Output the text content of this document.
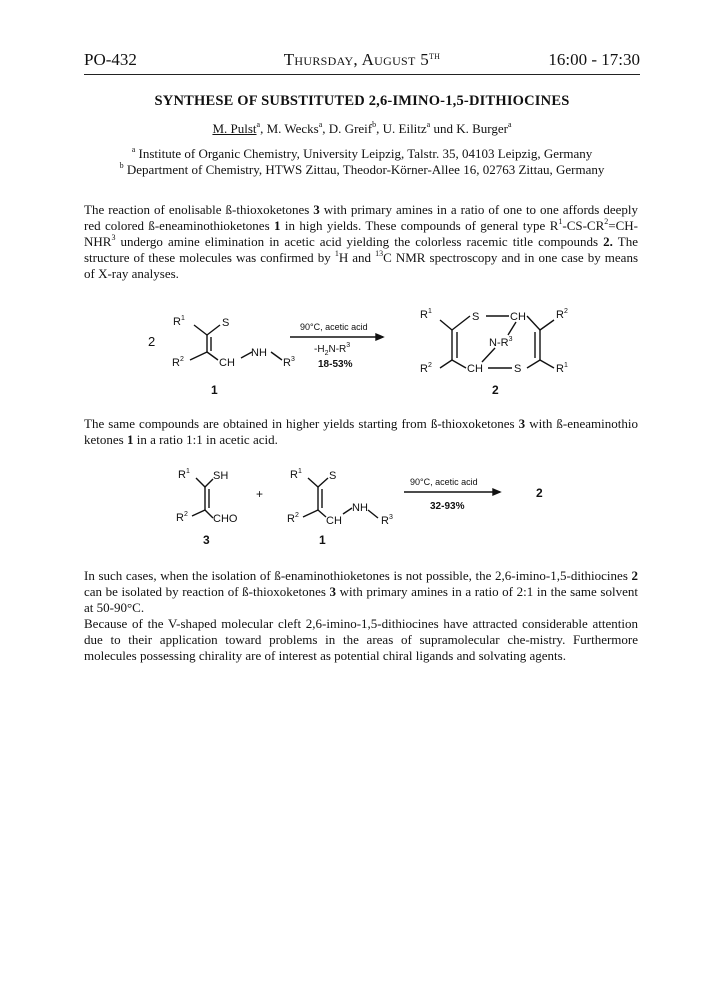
PO-432	Thursday, August 5TH	16:00 - 17:30
SYNTHESE OF SUBSTITUTED 2,6-IMINO-1,5-DITHIOCINES
M. Pulst$^a$, M. Wecks$^a$, D. Greif$^b$, U. Eilitz$^a$ und K. Burger$^a$
$^a$ Institute of Organic Chemistry, University Leipzig, Talstr. 35, 04103 Leipzig, Germany
$^b$ Department of Chemistry, HTWS Zittau, Theodor-Körner-Allee 16, 02763 Zittau, Germany
The reaction of enolisable ß-thioxoketones 3 with primary amines in a ratio of one to one affords deeply red colored ß-eneaminothioketones 1 in high yields. These compounds of general type $R^1-CS-CR^2=CH-NHR^3$ undergo amine elimination in acetic acid yielding the colorless racemic title compounds 2. The structure of these molecules was confirmed by $^1$H and $^{13}$C NMR spectroscopy and in one case by means of X-ray analyses.
2
$R^1$	S
$R^2$	CH
NH
$R^3$
1
90°C, acetic acid
$-H_2N-R^3$
18-53%
$R^1$	S	CH	$R^2$
$N-R^3$
$R^2$	CH	S	$R^1$
2
The same compounds are obtained in higher yields starting from ß-thioxoketones 3 with ß-eneaminothio ketones 1 in a ratio 1:1 in acetic acid.
$R^1$ SH
$R^2$ CHO
3
+
$R^1$ S
$R^2$ CH
NH
$R^3$
1
90°C, acetic acid
32-93%
2
In such cases, when the isolation of ß-enaminothioketones is not possible, the 2,6-imino-1,5-dithiocines 2 can be isolated by reaction of ß-thioxoketones 3 with primary amines in a ratio of 2:1 in the same solvent at 50-90°C.
Because of the V-shaped molecular cleft 2,6-imino-1,5-dithiocines have attracted considerable attention due to their application toward problems in the areas of supramolecular che-mistry. Furthermore molecules possessing chirality are of interest as potential chiral ligands and solvating agents.
